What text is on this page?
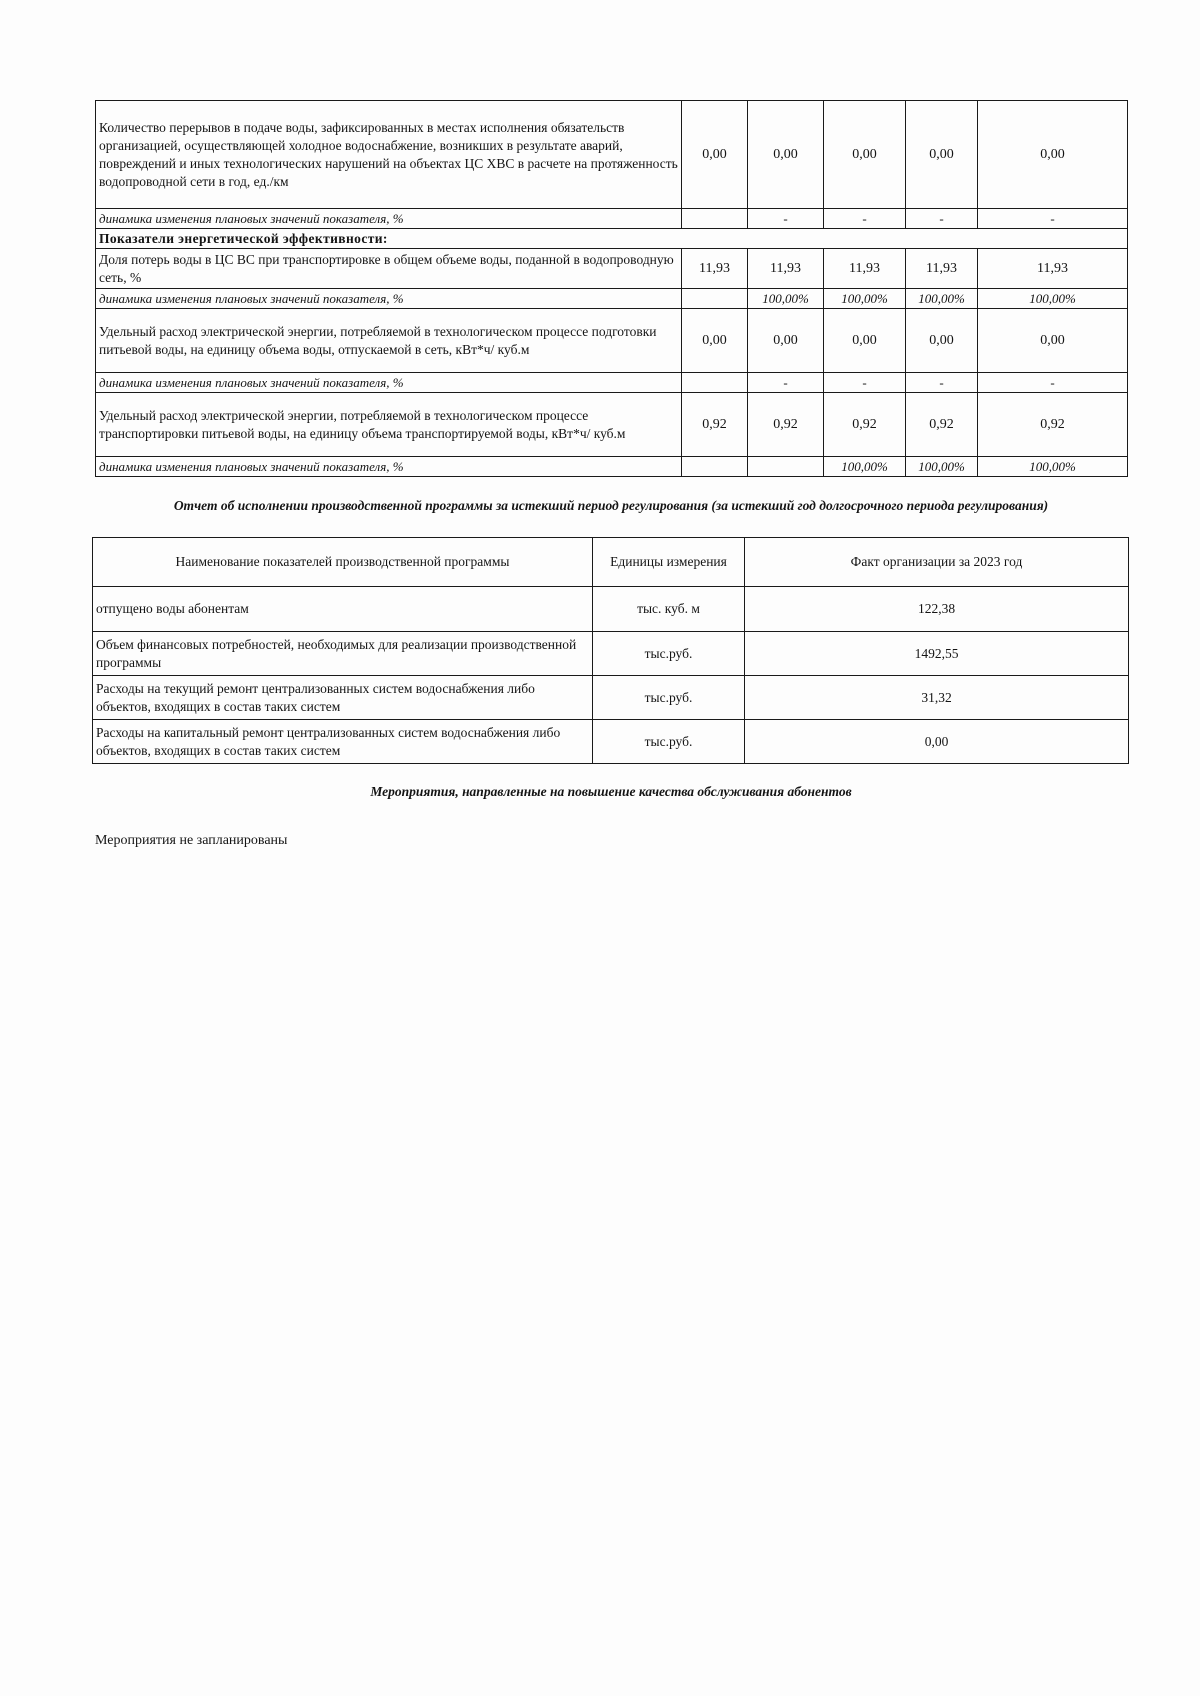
Количество перерывов в подаче воды, зафиксированных в местах исполнения обязательств организацией, осуществляющей холодное водоснабжение, возникших в результате аварий, повреждений и иных технологических нарушений на объектах ЦС ХВС в расчете на протяженность водопроводной сети в год, ед./км	0,00	0,00	0,00	0,00	0,00
динамика изменения плановых значений показателя, %		-	-	-	-
Показатели энергетической эффективности:					
Доля потерь воды в ЦС ВС при транспортировке в общем объеме воды, поданной в водопроводную сеть, %	11,93	11,93	11,93	11,93	11,93
динамика изменения плановых значений показателя, %		100,00%	100,00%	100,00%	100,00%
Удельный расход электрической энергии, потребляемой в технологическом процессе подготовки питьевой воды, на единицу объема воды, отпускаемой в сеть, кВт*ч/ куб.м	0,00	0,00	0,00	0,00	0,00
динамика изменения плановых значений показателя, %		-	-	-	-
Удельный расход электрической энергии, потребляемой в технологическом процессе транспортировки питьевой воды, на единицу объема транспортируемой воды, кВт*ч/ куб.м	0,92	0,92	0,92	0,92	0,92
динамика изменения плановых значений показателя, %			100,00%	100,00%	100,00%
Отчет об исполнении производственной программы за истекший период регулирования (за истекший год долгосрочного периода регулирования)
Наименование показателей производственной программы	Единицы измерения	Факт организации за 2023 год
отпущено воды абонентам	тыс. куб. м	122,38
Объем финансовых потребностей, необходимых для реализации производственной программы	тыс.руб.	1492,55
Расходы на текущий ремонт централизованных систем водоснабжения либо объектов, входящих в состав таких систем	тыс.руб.	31,32
Расходы на капитальный ремонт централизованных систем водоснабжения либо объектов, входящих в состав таких систем	тыс.руб.	0,00
Мероприятия, направленные на повышение качества обслуживания абонентов
Мероприятия не запланированы
